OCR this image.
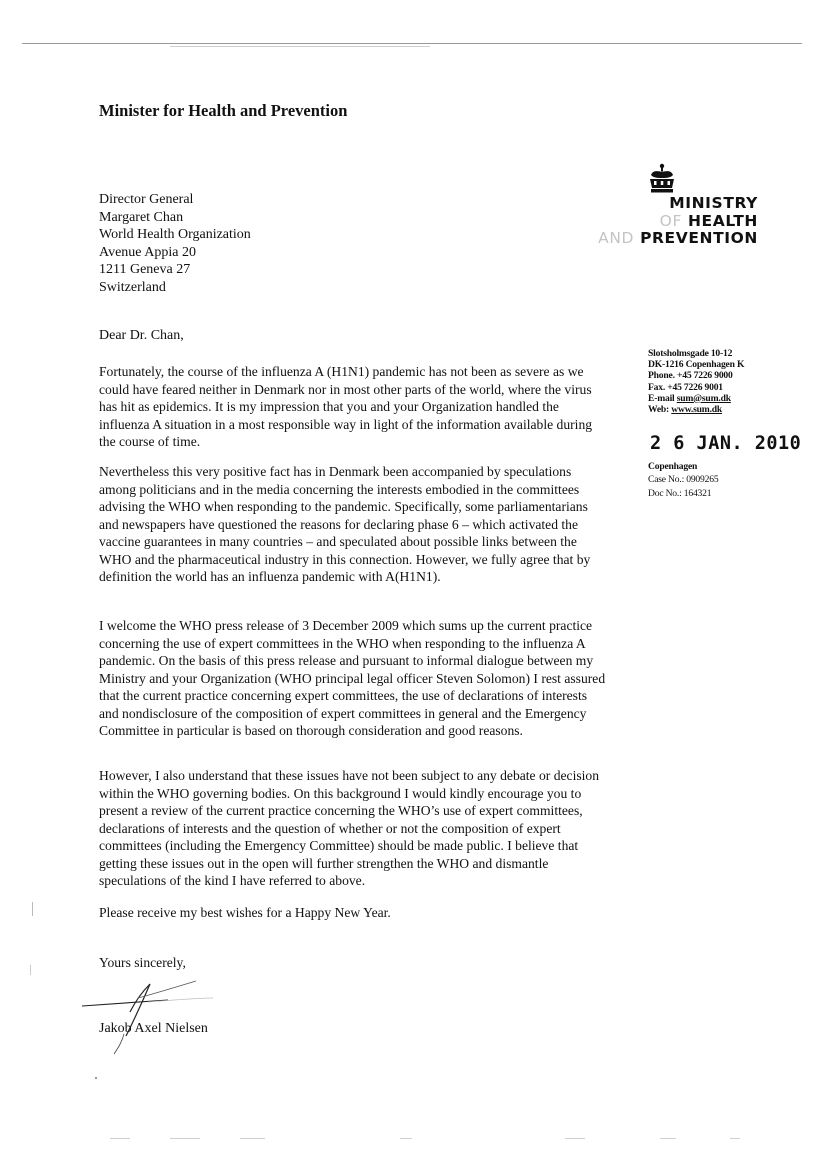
Minister for Health and Prevention
Director General
Margaret Chan
World Health Organization
Avenue Appia 20
1211 Geneva 27
Switzerland
MINISTRY
OF HEALTH
AND PREVENTION
Dear Dr. Chan,
Fortunately, the course of the influenza A (H1N1) pandemic has not been as severe as we could have feared neither in Denmark nor in most other parts of the world, where the virus has hit as epidemics. It is my impression that you and your Organization handled the influenza A situation in a most responsible way in light of the information available during the course of time.
Nevertheless this very positive fact has in Denmark been accompanied by speculations among politicians and in the media concerning the interests embodied in the committees advising the WHO when responding to the pandemic. Specifically, some parliamentarians and newspapers have questioned the reasons for declaring phase 6 – which activated the vaccine guarantees in many countries – and speculated about possible links between the WHO and the pharmaceutical industry in this connection. However, we fully agree that by definition the world has an influenza pandemic with A(H1N1).
I welcome the WHO press release of 3 December 2009 which sums up the current practice concerning the use of expert committees in the WHO when responding to the influenza A pandemic. On the basis of this press release and pursuant to informal dialogue between my Ministry and your Organization (WHO principal legal officer Steven Solomon) I rest assured that the current practice concerning expert committees, the use of declarations of interests and nondisclosure of the composition of expert committees in general and the Emergency Committee in particular is based on thorough consideration and good reasons.
However, I also understand that these issues have not been subject to any debate or decision within the WHO governing bodies. On this background I would kindly encourage you to present a review of the current practice concerning the WHO’s use of expert committees, declarations of interests and the question of whether or not the composition of expert committees (including the Emergency Committee) should be made public. I believe that getting these issues out in the open will further strengthen the WHO and dismantle speculations of the kind I have referred to above.
Please receive my best wishes for a Happy New Year.
Yours sincerely,
Slotsholmsgade 10-12
DK-1216 Copenhagen K
Phone. +45 7226 9000
Fax. +45 7226 9001
E-mail sum@sum.dk
Web: www.sum.dk
2 6 JAN. 2010
Copenhagen
Case No.: 0909265
Doc No.: 164321
Jakob Axel Nielsen
